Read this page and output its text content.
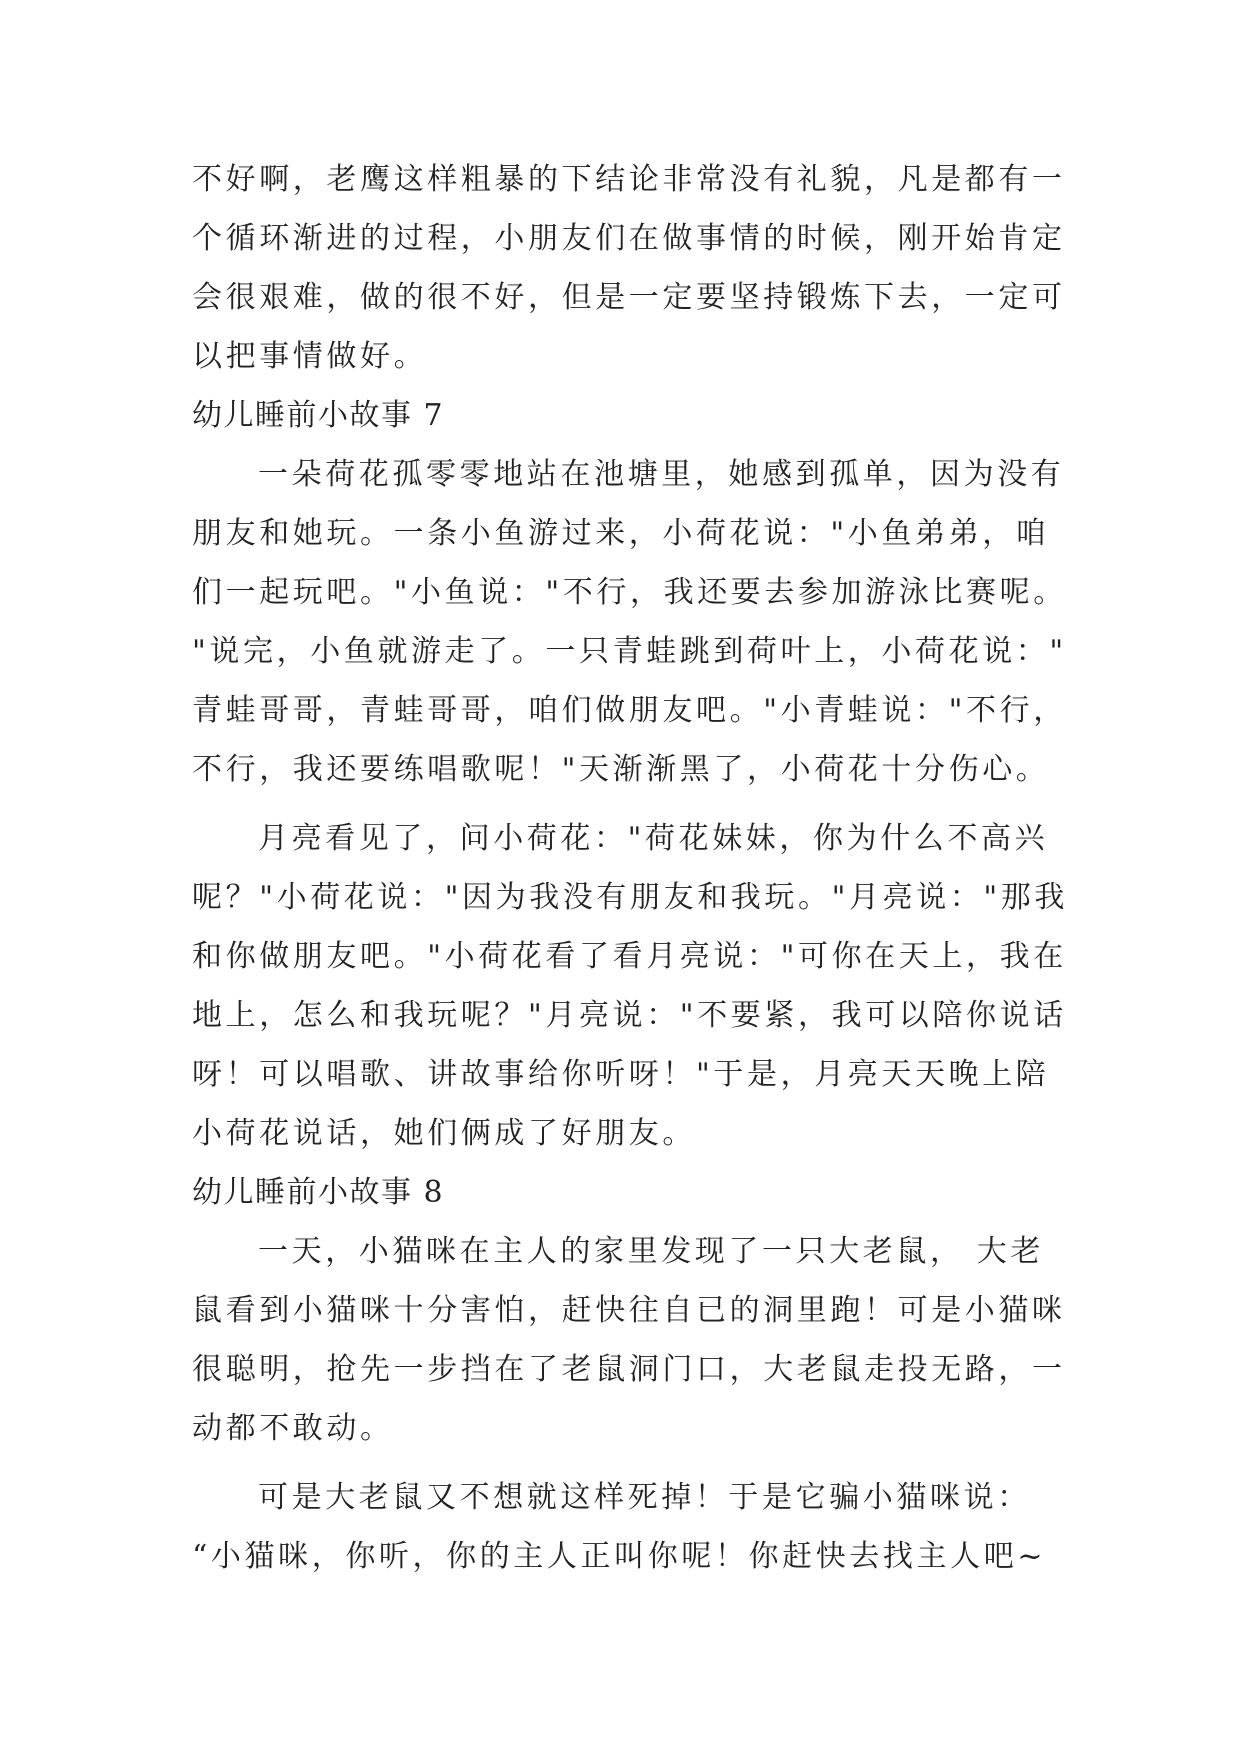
不好啊，老鹰这样粗暴的下结论非常没有礼貌，凡是都有一
个循环渐进的过程，小朋友们在做事情的时候，刚开始肯定
会很艰难，做的很不好，但是一定要坚持锻炼下去，一定可
以把事情做好。
幼儿睡前小故事 7
一朵荷花孤零零地站在池塘里，她感到孤单，因为没有
朋友和她玩。一条小鱼游过来，小荷花说："小鱼弟弟，咱
们一起玩吧。"小鱼说："不行，我还要去参加游泳比赛呢。
"说完，小鱼就游走了。一只青蛙跳到荷叶上，小荷花说："
青蛙哥哥，青蛙哥哥，咱们做朋友吧。"小青蛙说："不行，
不行，我还要练唱歌呢！"天渐渐黑了，小荷花十分伤心。
月亮看见了，问小荷花："荷花妹妹，你为什么不高兴
呢？"小荷花说："因为我没有朋友和我玩。"月亮说："那我
和你做朋友吧。"小荷花看了看月亮说："可你在天上，我在
地上，怎么和我玩呢？"月亮说："不要紧，我可以陪你说话
呀！可以唱歌、讲故事给你听呀！"于是，月亮天天晚上陪
小荷花说话，她们俩成了好朋友。
幼儿睡前小故事 8
一天，小猫咪在主人的家里发现了一只大老鼠， 大老
鼠看到小猫咪十分害怕，赶快往自已的洞里跑！可是小猫咪
很聪明，抢先一步挡在了老鼠洞门口，大老鼠走投无路，一
动都不敢动。
可是大老鼠又不想就这样死掉！于是它骗小猫咪说：
“小猫咪，你听，你的主人正叫你呢！你赶快去找主人吧~
